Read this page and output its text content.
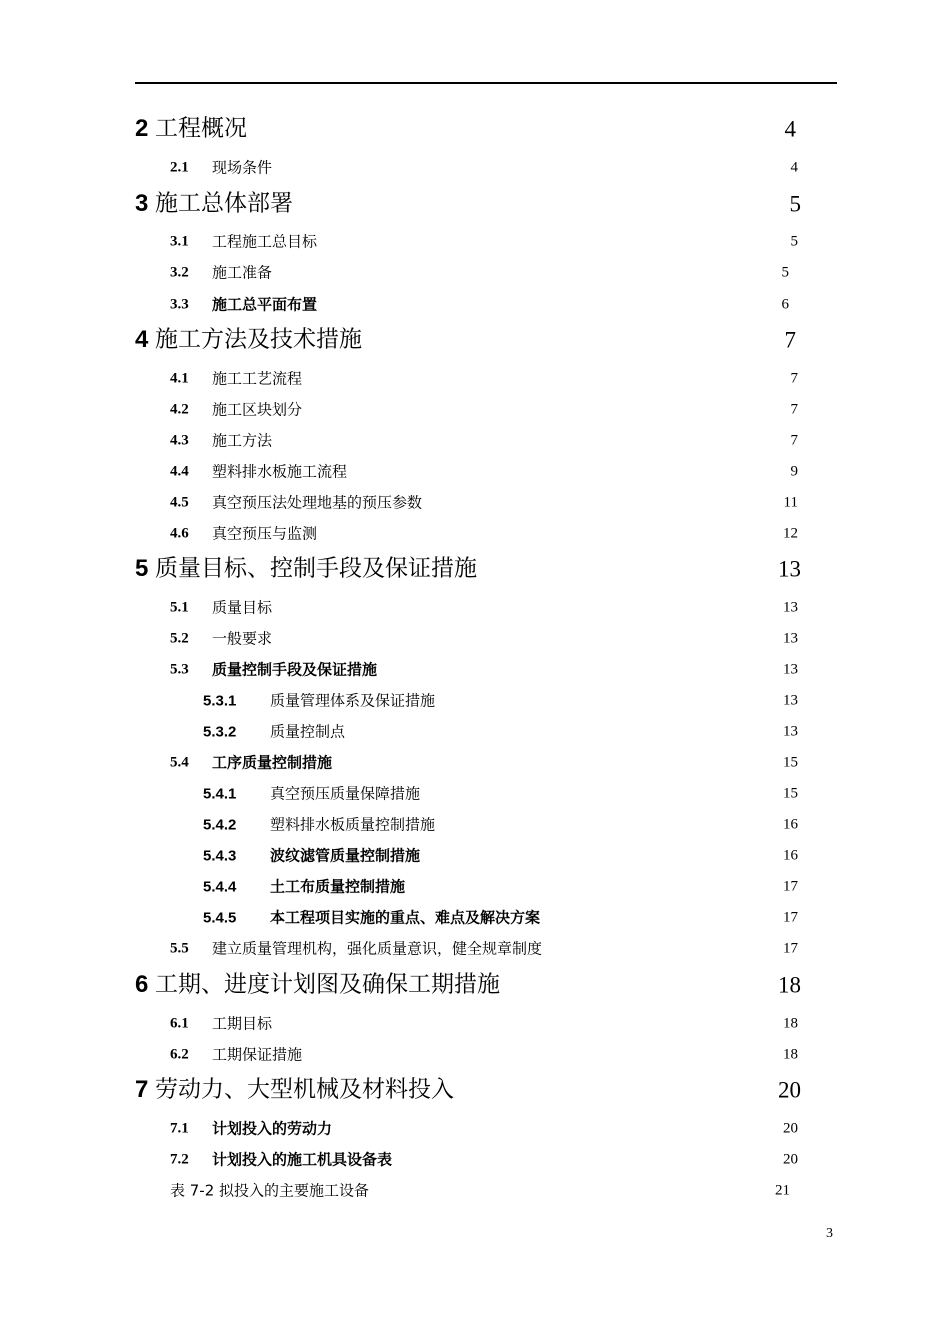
2 工程概况	4
2.1 现场条件	4
3 施工总体部署	5
3.1 工程施工总目标	5
3.2 施工准备	5
3.3 施工总平面布置	6
4 施工方法及技术措施	7
4.1 施工工艺流程	7
4.2 施工区块划分	7
4.3 施工方法	7
4.4 塑料排水板施工流程	9
4.5 真空预压法处理地基的预压参数	11
4.6 真空预压与监测	12
5 质量目标、控制手段及保证措施	13
5.1 质量目标	13
5.2 一般要求	13
5.3 质量控制手段及保证措施	13
5.3.1 质量管理体系及保证措施	13
5.3.2 质量控制点	13
5.4 工序质量控制措施	15
5.4.1 真空预压质量保障措施	15
5.4.2 塑料排水板质量控制措施	16
5.4.3 波纹滤管质量控制措施	16
5.4.4 土工布质量控制措施	17
5.4.5 本工程项目实施的重点、难点及解决方案	17
5.5 建立质量管理机构，强化质量意识，健全规章制度	17
6 工期、进度计划图及确保工期措施	18
6.1 工期目标	18
6.2 工期保证措施	18
7 劳动力、大型机械及材料投入	20
7.1 计划投入的劳动力	20
7.2 计划投入的施工机具设备表	20
表 7-2 拟投入的主要施工设备	21
3
